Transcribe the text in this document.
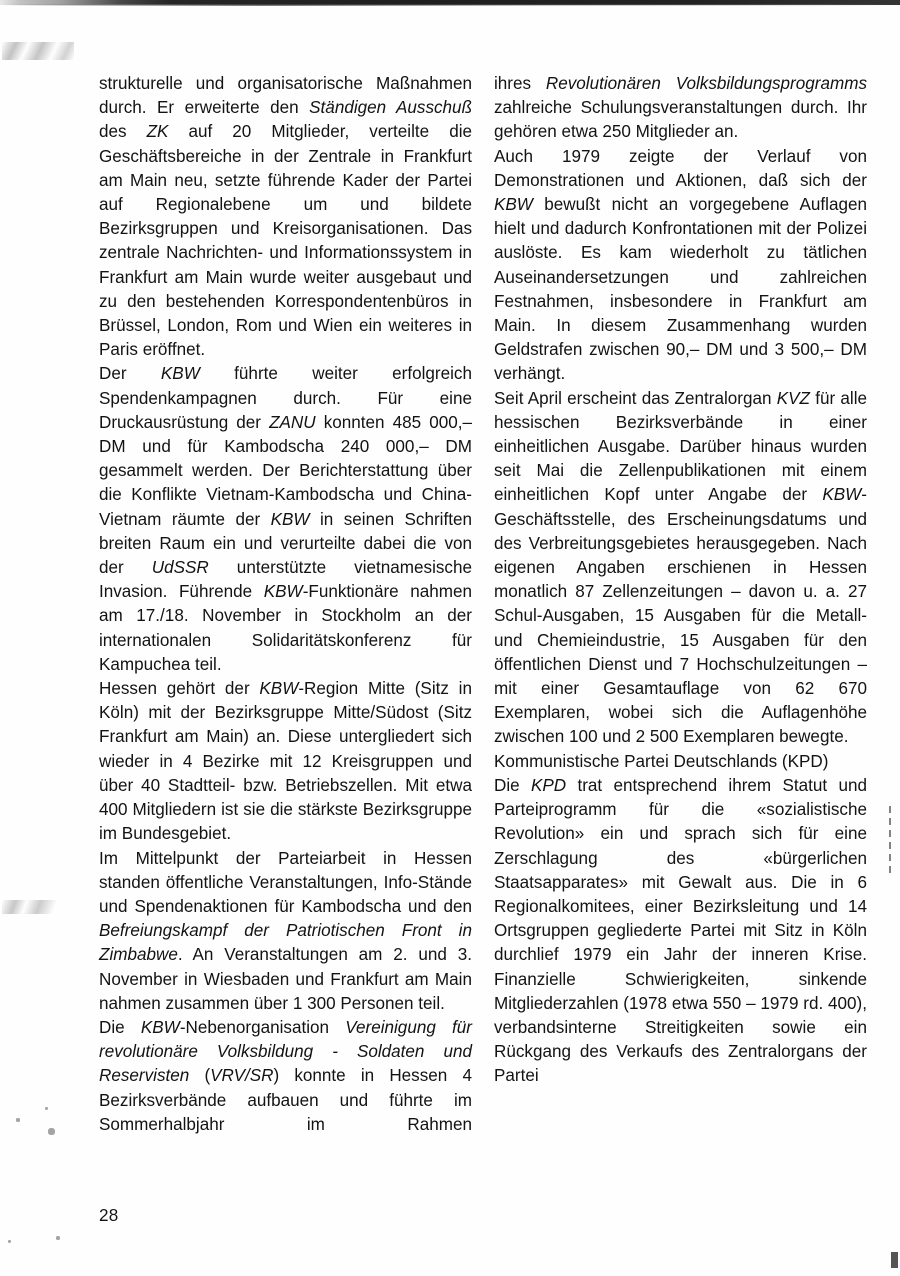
strukturelle und organisatorische Maßnahmen durch. Er erweiterte den Ständigen Ausschuß des ZK auf 20 Mitglieder, verteilte die Geschäftsbereiche in der Zentrale in Frankfurt am Main neu, setzte führende Kader der Partei auf Regionalebene um und bildete Bezirksgruppen und Kreisorganisationen. Das zentrale Nachrichten- und Informationssystem in Frankfurt am Main wurde weiter ausgebaut und zu den bestehenden Korrespondentenbüros in Brüssel, London, Rom und Wien ein weiteres in Paris eröffnet.

Der KBW führte weiter erfolgreich Spendenkampagnen durch. Für eine Druckausrüstung der ZANU konnten 485 000,– DM und für Kambodscha 240 000,– DM gesammelt werden. Der Berichterstattung über die Konflikte Vietnam-Kambodscha und China-Vietnam räumte der KBW in seinen Schriften breiten Raum ein und verurteilte dabei die von der UdSSR unterstützte vietnamesische Invasion. Führende KBW-Funktionäre nahmen am 17./18. November in Stockholm an der internationalen Solidaritätskonferenz für Kampuchea teil.

Hessen gehört der KBW-Region Mitte (Sitz in Köln) mit der Bezirksgruppe Mitte/Südost (Sitz Frankfurt am Main) an. Diese untergliedert sich wieder in 4 Bezirke mit 12 Kreisgruppen und über 40 Stadtteil- bzw. Betriebszellen. Mit etwa 400 Mitgliedern ist sie die stärkste Bezirksgruppe im Bundesgebiet.

Im Mittelpunkt der Parteiarbeit in Hessen standen öffentliche Veranstaltungen, Info-Stände und Spendenaktionen für Kambodscha und den Befreiungskampf der Patriotischen Front in Zimbabwe. An Veranstaltungen am 2. und 3. November in Wiesbaden und Frankfurt am Main nahmen zusammen über 1 300 Personen teil.

Die KBW-Nebenorganisation Vereinigung für revolutionäre Volksbildung - Soldaten und Reservisten (VRV/SR) konnte in Hessen 4 Bezirksverbände aufbauen und führte im Sommerhalbjahr im Rahmen

ihres Revolutionären Volksbildungsprogramms zahlreiche Schulungsveranstaltungen durch. Ihr gehören etwa 250 Mitglieder an.

Auch 1979 zeigte der Verlauf von Demonstrationen und Aktionen, daß sich der KBW bewußt nicht an vorgegebene Auflagen hielt und dadurch Konfrontationen mit der Polizei auslöste. Es kam wiederholt zu tätlichen Auseinandersetzungen und zahlreichen Festnahmen, insbesondere in Frankfurt am Main. In diesem Zusammenhang wurden Geldstrafen zwischen 90,– DM und 3 500,– DM verhängt.

Seit April erscheint das Zentralorgan KVZ für alle hessischen Bezirksverbände in einer einheitlichen Ausgabe. Darüber hinaus wurden seit Mai die Zellenpublikationen mit einem einheitlichen Kopf unter Angabe der KBW-Geschäftsstelle, des Erscheinungsdatums und des Verbreitungsgebietes herausgegeben. Nach eigenen Angaben erschienen in Hessen monatlich 87 Zellenzeitungen – davon u. a. 27 Schul-Ausgaben, 15 Ausgaben für die Metall- und Chemieindustrie, 15 Ausgaben für den öffentlichen Dienst und 7 Hochschulzeitungen – mit einer Gesamtauflage von 62 670 Exemplaren, wobei sich die Auflagenhöhe zwischen 100 und 2 500 Exemplaren bewegte.

Kommunistische Partei Deutschlands (KPD)

Die KPD trat entsprechend ihrem Statut und Parteiprogramm für die «sozialistische Revolution» ein und sprach sich für eine Zerschlagung des «bürgerlichen Staatsapparates» mit Gewalt aus. Die in 6 Regionalkomitees, einer Bezirksleitung und 14 Ortsgruppen gegliederte Partei mit Sitz in Köln durchlief 1979 ein Jahr der inneren Krise. Finanzielle Schwierigkeiten, sinkende Mitgliederzahlen (1978 etwa 550 – 1979 rd. 400), verbandsinterne Streitigkeiten sowie ein Rückgang des Verkaufs des Zentralorgans der Partei

28
